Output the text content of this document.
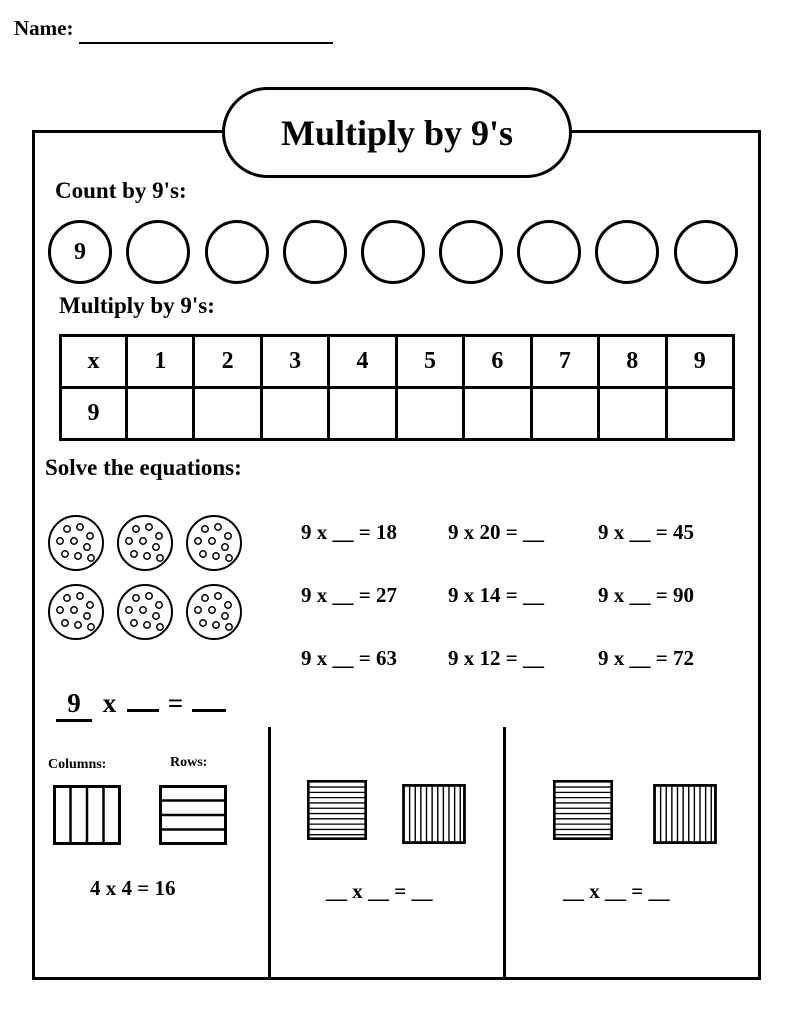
Name:
Multiply by 9's
Count by 9's:
9
Multiply by 9's:
x	1	2	3	4	5	6	7	8	9
9									
Solve the equations:
9 x __ = 18 9 x 20 = __	9 x __ = 45
9 x __ = 27 9 x 14 = __	9 x __ = 90
9 x __ = 63 9 x 12 = __	9 x __ = 72
9 x =
Columns:	Rows:
4 x 4 = 16	__ x __ = __	__ x __ = __
